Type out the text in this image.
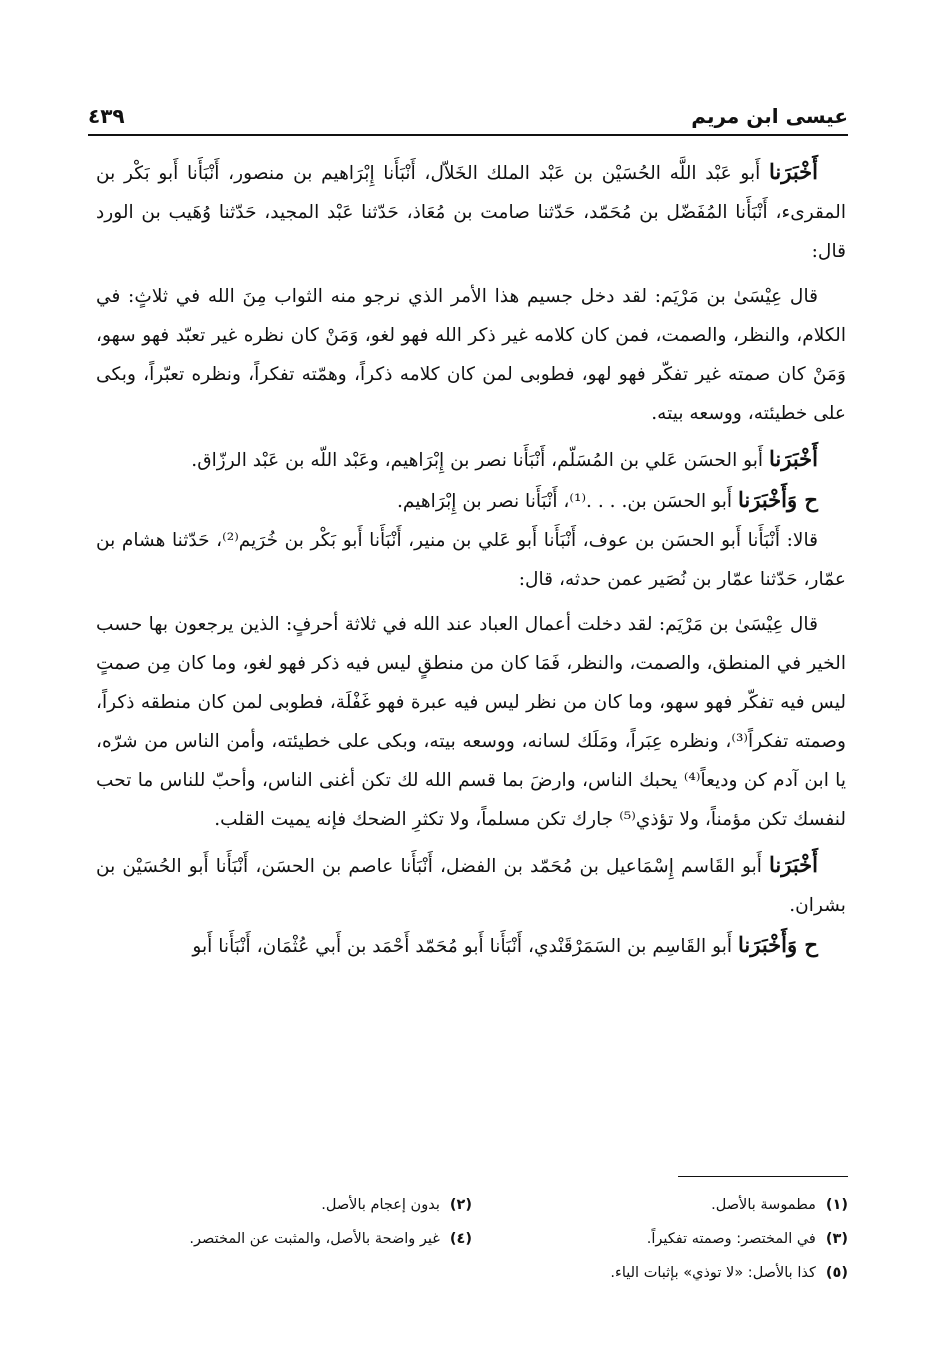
عيسى ابن مريم
٤٣٩

أَخْبَرَنا أَبو عَبْد اللَّه الحُسَيْن بن عَبْد الملك الخَلاّل، أَنْبَأَنا إِبْرَاهيم بن منصور، أَنْبَأَنا أَبو بَكْر بن المقرىء، أَنْبَأَنا المُفَضّل بن مُحَمّد، حَدّثنا صامت بن مُعَاذ، حَدّثنا عَبْد المجيد، حَدّثنا وُهَيب بن الورد قال:

قال عِيْسَىٰ بن مَرْيَم: لقد دخل جسيم هذا الأمر الذي نرجو منه الثواب مِنَ الله في ثلاثٍ: في الكلام، والنظر، والصمت، فمن كان كلامه غير ذكر الله فهو لغو، وَمَنْ كان نظره غير تعبّد فهو سهو، وَمَنْ كان صمته غير تفكّر فهو لهو، فطوبى لمن كان كلامه ذكراً، وهمّته تفكراً، ونظره تعبّراً، وبكى على خطيئته، ووسعه بيته.

أَخْبَرَنا أَبو الحسَن عَلي بن المُسَلّم، أَنْبَأَنا نصر بن إِبْرَاهيم، وعَبْد اللّه بن عَبْد الرزّاق.

ح وَأَخْبَرَنا أَبو الحسَن بن. . . .⁽¹⁾، أَنْبَأَنا نصر بن إِبْرَاهيم.

قالا: أَنْبَأَنا أَبو الحسَن بن عوف، أَنْبَأَنا أَبو عَلي بن منير، أَنْبَأَنا أَبو بَكْر بن خُرَيم⁽²⁾، حَدّثنا هشام بن عمّار، حَدّثنا عمّار بن نُصَير عمن حدثه، قال:

قال عِيْسَىٰ بن مَرْيَم: لقد دخلت أعمال العباد عند الله في ثلاثة أحرفٍ: الذين يرجعون بها حسب الخير في المنطق، والصمت، والنظر، فَمَا كان من منطقٍ ليس فيه ذكر فهو لغو، وما كان مِن صمتٍ ليس فيه تفكّر فهو سهو، وما كان من نظر ليس فيه عبرة فهو غَفْلَة، فطوبى لمن كان منطقه ذكراً، وصمته تفكراً⁽³⁾، ونظره عِبَراً، ومَلَك لسانه، ووسعه بيته، وبكى على خطيئته، وأمن الناس من شرّه، يا ابن آدم كن وديعاً⁽⁴⁾ يحبك الناس، وارضَ بما قسم الله لك تكن أغنى الناس، وأحبّ للناس ما تحب لنفسك تكن مؤمناً، ولا تؤذي⁽⁵⁾ جارك تكن مسلماً، ولا تكثرِ الضحك فإنه يميت القلب.

أَخْبَرَنا أَبو القَاسم إِسْمَاعيل بن مُحَمّد بن الفضل، أَنْبَأَنا عاصم بن الحسَن، أَنْبَأَنا أَبو الحُسَيْن بن بشران.

ح وَأَخْبَرَنا أَبو القَاسِم بن السَمَرْقَنْدي، أَنْبَأَنا أَبو مُحَمّد أَحْمَد بن أَبي عُثْمَان، أَنْبَأَنا أَبو

(١)مطموسة بالأصل.
(٢)بدون إعجام بالأصل.
(٣)في المختصر: وصمته تفكيراً.
(٤)غير واضحة بالأصل، والمثبت عن المختصر.
(٥)كذا بالأصل: «لا توذي» بإثبات الياء.
